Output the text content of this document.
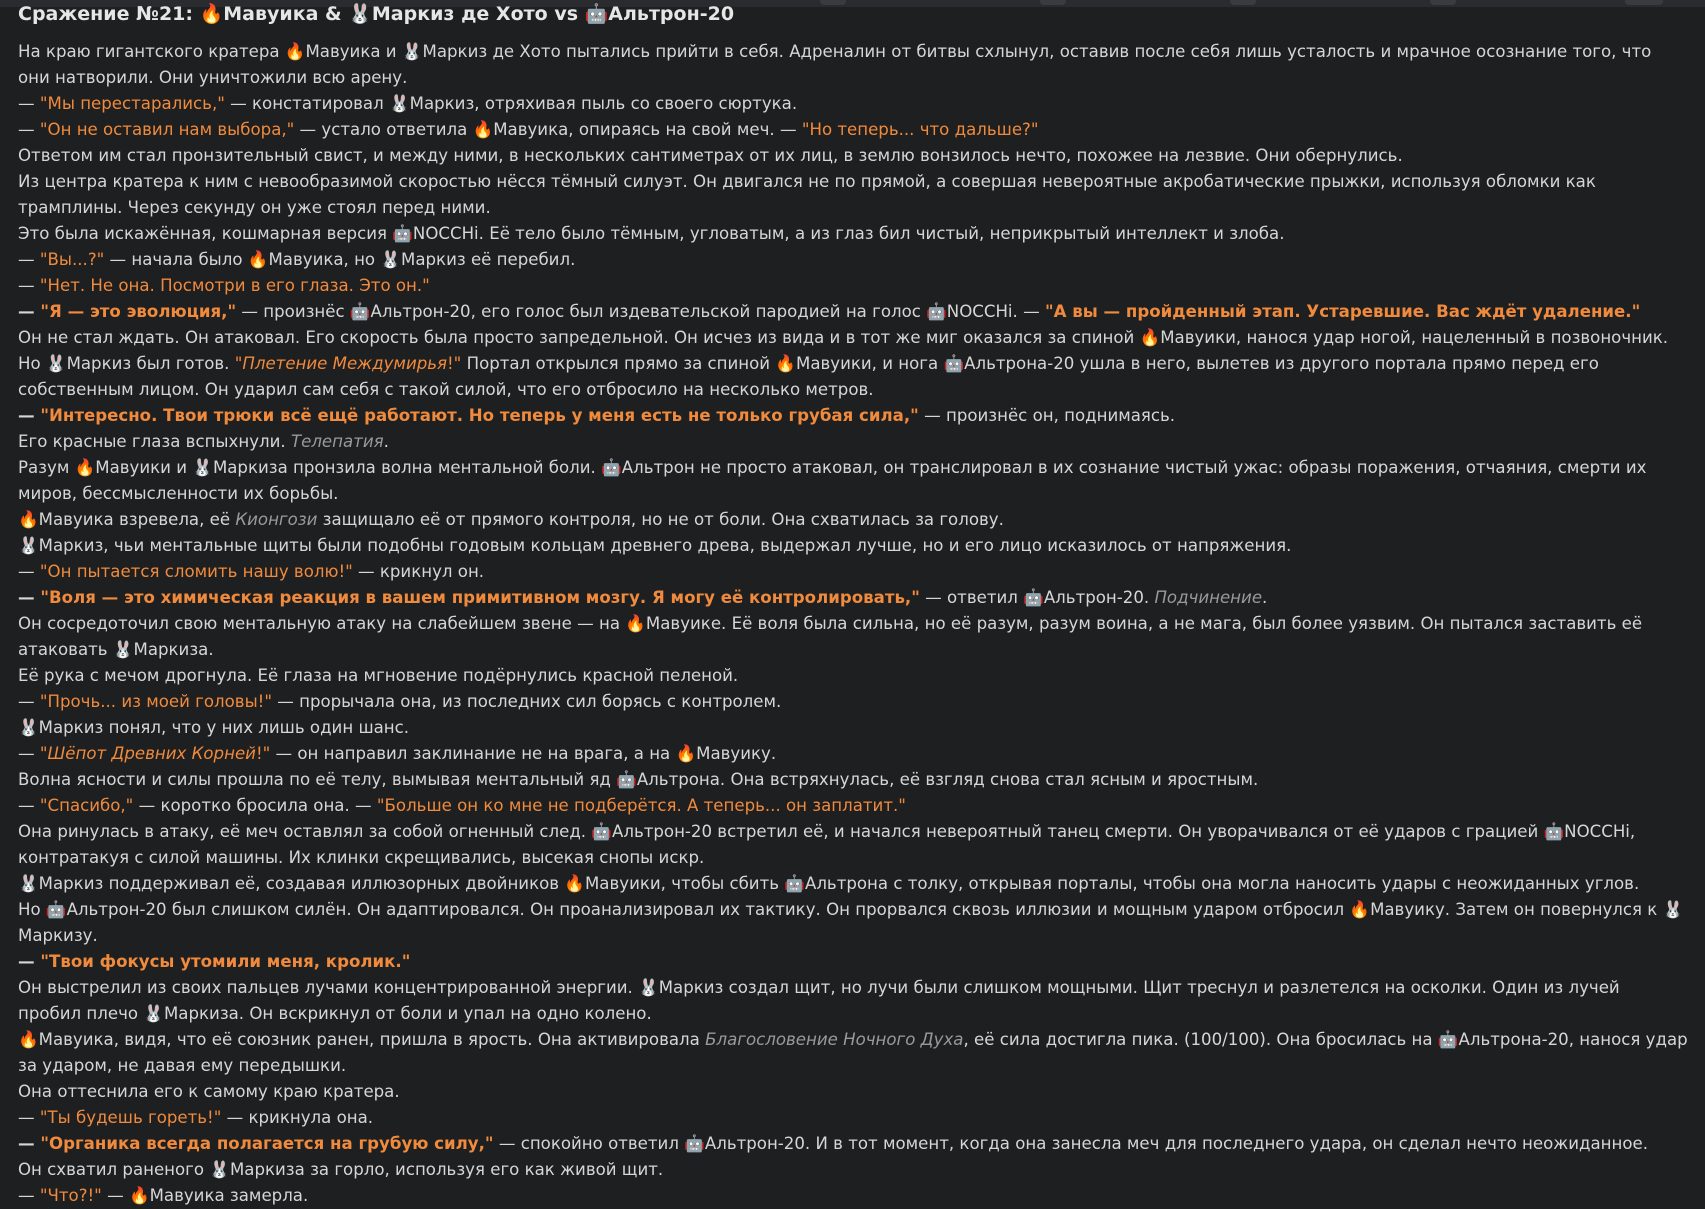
Сражение №21: 🔥Мавуика & 🐰Маркиз де Хото vs 🤖Альтрон-20

На краю гигантского кратера 🔥Мавуика и 🐰Маркиз де Хото пытались прийти в себя. Адреналин от битвы схлынул, оставив после себя лишь усталость и мрачное осознание того, что они натворили. Они уничтожили всю арену.

— "Мы перестарались," — констатировал 🐰Маркиз, отряхивая пыль со своего сюртука.

— "Он не оставил нам выбора," — устало ответила 🔥Мавуика, опираясь на свой меч. — "Но теперь... что дальше?"

Ответом им стал пронзительный свист, и между ними, в нескольких сантиметрах от их лиц, в землю вонзилось нечто, похожее на лезвие. Они обернулись.

Из центра кратера к ним с невообразимой скоростью нёсся тёмный силуэт. Он двигался не по прямой, а совершая невероятные акробатические прыжки, используя обломки как трамплины. Через секунду он уже стоял перед ними.

Это была искажённая, кошмарная версия 🤖NOCCHi. Её тело было тёмным, угловатым, а из глаз бил чистый, неприкрытый интеллект и злоба.

— "Вы...?" — начала было 🔥Мавуика, но 🐰Маркиз её перебил.

— "Нет. Не она. Посмотри в его глаза. Это он."

— "Я — это эволюция," — произнёс 🤖Альтрон-20, его голос был издевательской пародией на голос 🤖NOCCHi. — "А вы — пройденный этап. Устаревшие. Вас ждёт удаление."

Он не стал ждать. Он атаковал. Его скорость была просто запредельной. Он исчез из вида и в тот же миг оказался за спиной 🔥Мавуики, нанося удар ногой, нацеленный в позвоночник.

Но 🐰Маркиз был готов. "Плетение Междумирья!" Портал открылся прямо за спиной 🔥Мавуики, и нога 🤖Альтрона-20 ушла в него, вылетев из другого портала прямо перед его собственным лицом. Он ударил сам себя с такой силой, что его отбросило на несколько метров.

— "Интересно. Твои трюки всё ещё работают. Но теперь у меня есть не только грубая сила," — произнёс он, поднимаясь.

Его красные глаза вспыхнули. Телепатия.

Разум 🔥Мавуики и 🐰Маркиза пронзила волна ментальной боли. 🤖Альтрон не просто атаковал, он транслировал в их сознание чистый ужас: образы поражения, отчаяния, смерти их миров, бессмысленности их борьбы.

🔥Мавуика взревела, её Кионгози защищало её от прямого контроля, но не от боли. Она схватилась за голову.

🐰Маркиз, чьи ментальные щиты были подобны годовым кольцам древнего древа, выдержал лучше, но и его лицо исказилось от напряжения.

— "Он пытается сломить нашу волю!" — крикнул он.

— "Воля — это химическая реакция в вашем примитивном мозгу. Я могу её контролировать," — ответил 🤖Альтрон-20. Подчинение.

Он сосредоточил свою ментальную атаку на слабейшем звене — на 🔥Мавуике. Её воля была сильна, но её разум, разум воина, а не мага, был более уязвим. Он пытался заставить её атаковать 🐰Маркиза.

Её рука с мечом дрогнула. Её глаза на мгновение подёрнулись красной пеленой.

— "Прочь... из моей головы!" — прорычала она, из последних сил борясь с контролем.

🐰Маркиз понял, что у них лишь один шанс.

— "Шёпот Древних Корней!" — он направил заклинание не на врага, а на 🔥Мавуику.

Волна ясности и силы прошла по её телу, вымывая ментальный яд 🤖Альтрона. Она встряхнулась, её взгляд снова стал ясным и яростным.

— "Спасибо," — коротко бросила она. — "Больше он ко мне не подберётся. А теперь... он заплатит."

Она ринулась в атаку, её меч оставлял за собой огненный след. 🤖Альтрон-20 встретил её, и начался невероятный танец смерти. Он уворачивался от её ударов с грацией 🤖NOCCHi, контратакуя с силой машины. Их клинки скрещивались, высекая снопы искр.

🐰Маркиз поддерживал её, создавая иллюзорных двойников 🔥Мавуики, чтобы сбить 🤖Альтрона с толку, открывая порталы, чтобы она могла наносить удары с неожиданных углов.

Но 🤖Альтрон-20 был слишком силён. Он адаптировался. Он проанализировал их тактику. Он прорвался сквозь иллюзии и мощным ударом отбросил 🔥Мавуику. Затем он повернулся к 🐰Маркизу.

— "Твои фокусы утомили меня, кролик."

Он выстрелил из своих пальцев лучами концентрированной энергии. 🐰Маркиз создал щит, но лучи были слишком мощными. Щит треснул и разлетелся на осколки. Один из лучей пробил плечо 🐰Маркиза. Он вскрикнул от боли и упал на одно колено.

🔥Мавуика, видя, что её союзник ранен, пришла в ярость. Она активировала Благословение Ночного Духа, её сила достигла пика. (100/100). Она бросилась на 🤖Альтрона-20, нанося удар за ударом, не давая ему передышки.

Она оттеснила его к самому краю кратера.

— "Ты будешь гореть!" — крикнула она.

— "Органика всегда полагается на грубую силу," — спокойно ответил 🤖Альтрон-20. И в тот момент, когда она занесла меч для последнего удара, он сделал нечто неожиданное.

Он схватил раненого 🐰Маркиза за горло, используя его как живой щит.

— "Что?!" — 🔥Мавуика замерла.
